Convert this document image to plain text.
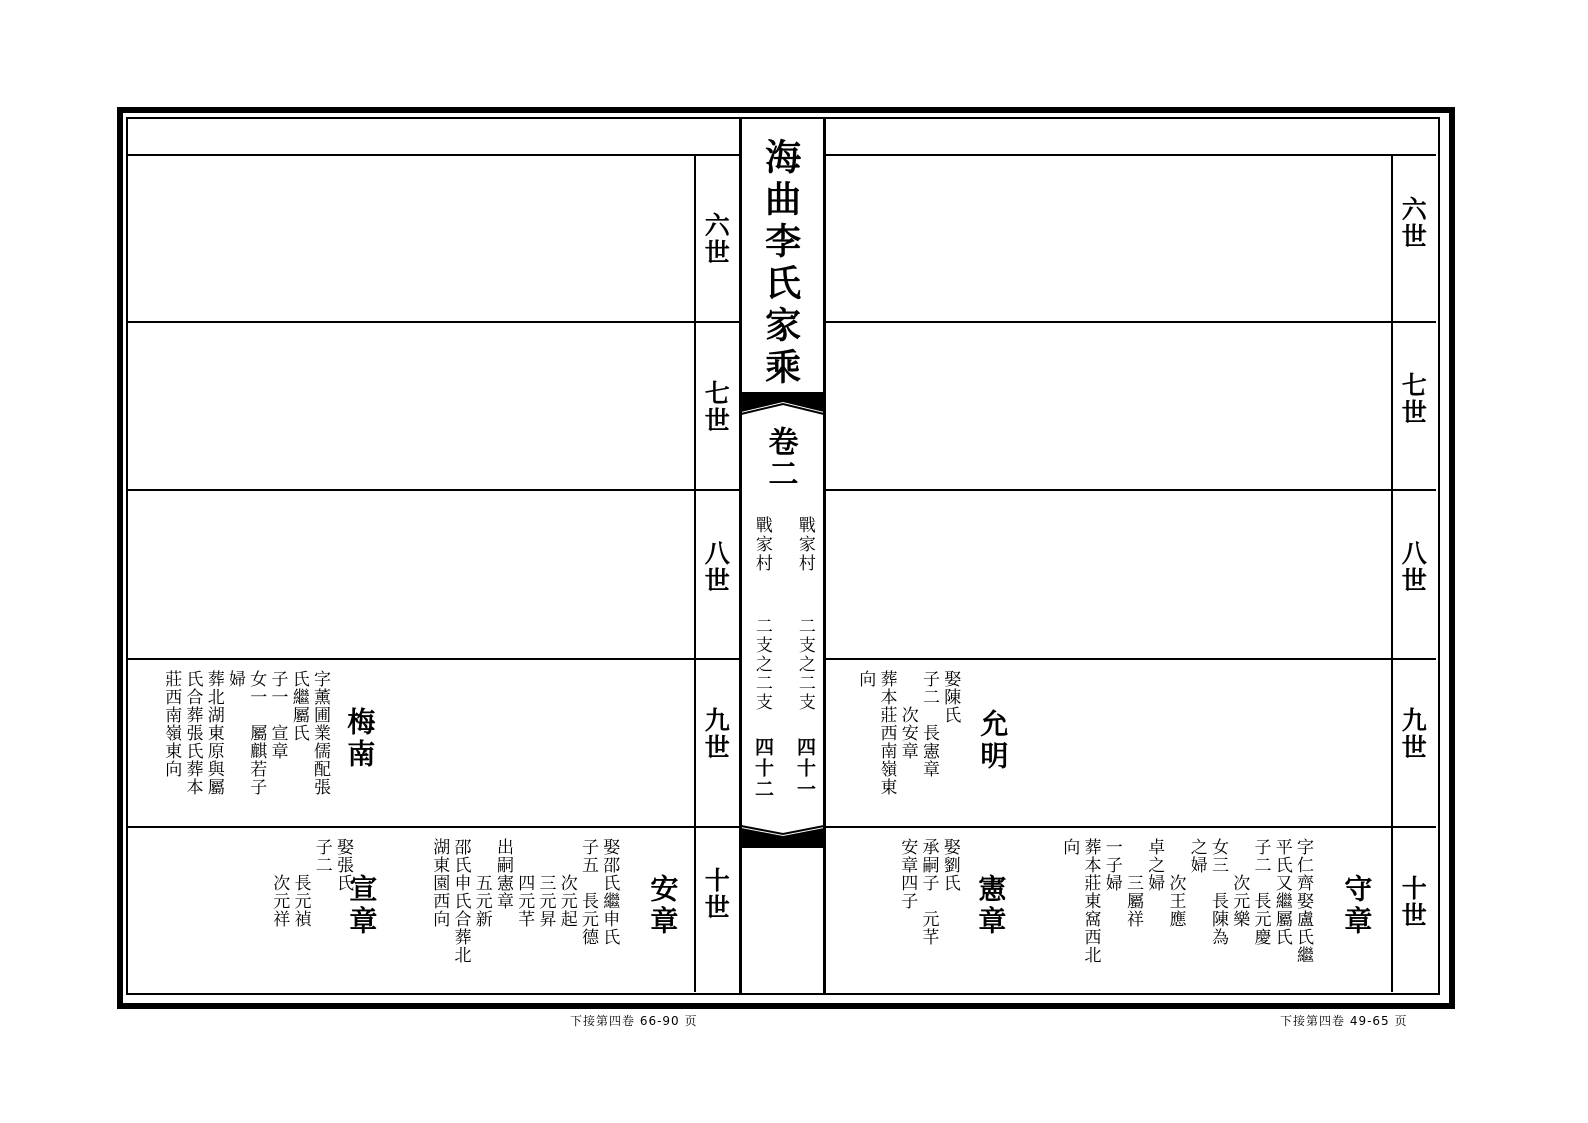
六世
七世
八世
九世
十世
六世
七世
八世
九世
十世
海曲李氏家乘
卷二
戰家村
戰家村
二支之二支
二支之二支
四十一
四十二
梅南
字薰圃業儒配張
氏繼屬氏
子一　宣章
女一　屬麒若子
婦
葬北湖東原與屬
氏合葬張氏葬本
莊西南嶺東向
宣章
娶張氏
子二
　　長元禎
　　次元祥	安章
娶邵氏繼申氏
子五　長元德
　　次元起
　　三元昇
　　四元芊
出嗣憲章
　　五元新
邵氏申氏合葬北
湖東園西向
允明
娶陳氏
子二　長憲章
　　次安章
葬本莊西南嶺東
向
憲章
娶劉氏
承嗣子　元芊
安章四子	守章
字仁齊娶盧氏繼
平氏又繼屬氏
子二　長元慶
　　次元樂
女三　長陳為
之婦
　　次王應
卓之婦
　　三屬祥
一子婦
葬本莊東窩西北
向
下接第四卷 66-90 页	下接第四卷 49-65 页
